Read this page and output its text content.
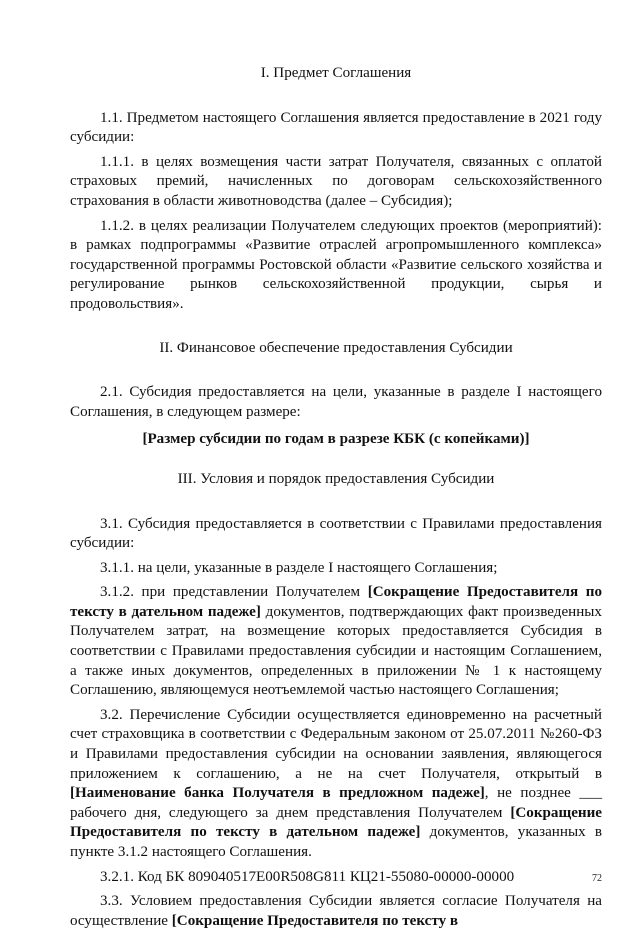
I. Предмет Соглашения

1.1. Предметом настоящего Соглашения является предоставление в 2021 году субсидии:

1.1.1. в целях возмещения части затрат Получателя, связанных с оплатой страховых премий, начисленных по договорам сельскохозяйственного страхования в области животноводства (далее – Субсидия);

1.1.2. в целях реализации Получателем следующих проектов (мероприятий): в рамках подпрограммы «Развитие отраслей агропромышленного комплекса» государственной программы Ростовской области «Развитие сельского хозяйства и регулирование рынков сельскохозяйственной продукции, сырья и продовольствия».

II. Финансовое обеспечение предоставления Субсидии

2.1. Субсидия предоставляется на цели, указанные в разделе I настоящего Соглашения, в следующем размере:

[Размер субсидии по годам в разрезе КБК (с копейками)]

III. Условия и порядок предоставления Субсидии

3.1. Субсидия предоставляется в соответствии с Правилами предоставления субсидии:

3.1.1. на цели, указанные в разделе I настоящего Соглашения;

3.1.2. при представлении Получателем [Сокращение Предоставителя по тексту в дательном падеже] документов, подтверждающих факт произведенных Получателем затрат, на возмещение которых предоставляется Субсидия в соответствии с Правилами предоставления субсидии и настоящим Соглашением, а также иных документов, определенных в приложении № 1 к настоящему Соглашению, являющемуся неотъемлемой частью настоящего Соглашения;

3.2. Перечисление Субсидии осуществляется единовременно на расчетный счет страховщика в соответствии с Федеральным законом от 25.07.2011 №260-ФЗ и Правилами предоставления субсидии на основании заявления, являющегося приложением к соглашению, а не на счет Получателя, открытый в [Наименование банка Получателя в предложном падеже], не позднее ___ рабочего дня, следующего за днем представления Получателем [Сокращение Предоставителя по тексту в дательном падеже] документов, указанных в пункте 3.1.2 настоящего Соглашения.

3.2.1. Код БК 809040517E00R508G811 КЦ21-55080-00000-00000

3.3. Условием предоставления Субсидии является согласие Получателя на осуществление [Сокращение Предоставителя по тексту в

72
